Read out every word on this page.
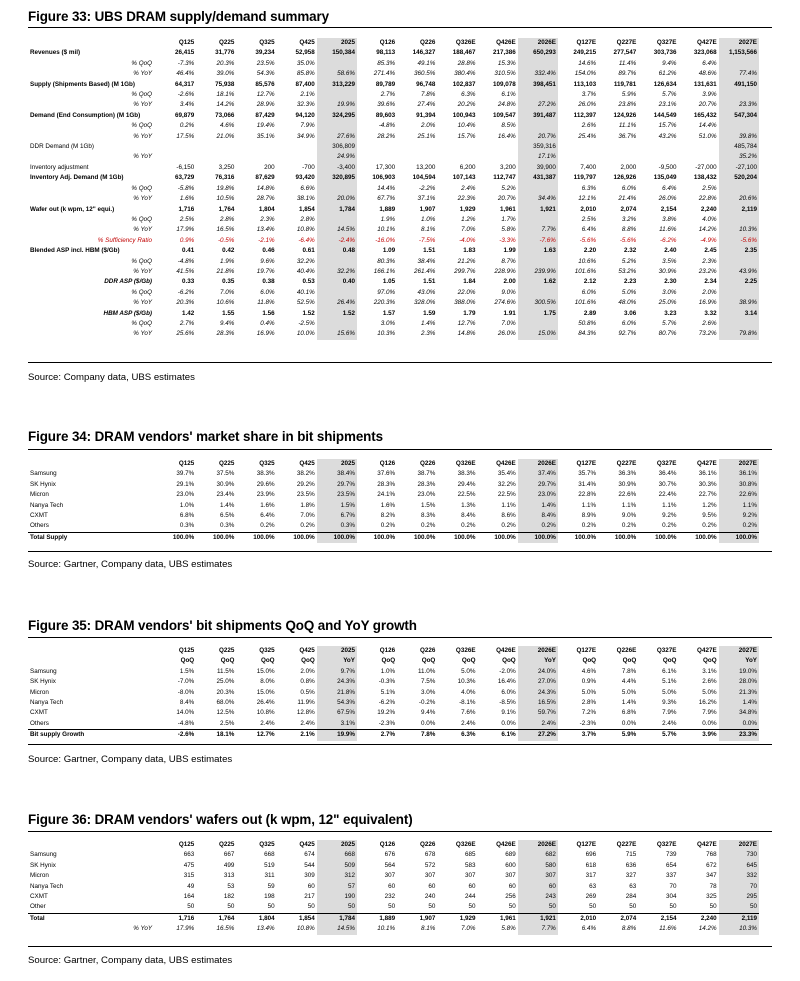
Figure 33: UBS DRAM supply/demand summary
	Q125	Q225	Q325	Q425	2025	Q126	Q226	Q326E	Q426E	2026E	Q127E	Q227E	Q327E	Q427E	2027E
Revenues ($ mil)	26,415	31,776	39,234	52,958	150,384	98,113	146,327	188,467	217,386	650,293	249,215	277,547	303,736	323,068	1,153,566
% QoQ	-7.3%	20.3%	23.5%	35.0%		85.3%	49.1%	28.8%	15.3%		14.6%	11.4%	9.4%	6.4%	
% YoY	46.4%	39.0%	54.3%	85.8%	58.6%	271.4%	360.5%	380.4%	310.5%	332.4%	154.0%	89.7%	61.2%	48.6%	77.4%
Supply (Shipments Based) (M 1Gb)	64,317	75,938	85,576	87,400	313,229	89,789	96,748	102,837	109,078	398,451	113,103	119,781	126,634	131,631	491,150
% QoQ	-2.6%	18.1%	12.7%	2.1%		2.7%	7.8%	6.3%	6.1%		3.7%	5.9%	5.7%	3.9%	
% YoY	3.4%	14.2%	28.9%	32.3%	19.9%	39.6%	27.4%	20.2%	24.8%	27.2%	26.0%	23.8%	23.1%	20.7%	23.3%
Demand (End Consumption) (M 1Gb)	69,879	73,066	87,429	94,120	324,295	89,603	91,394	100,943	109,547	391,487	112,397	124,926	144,549	165,432	547,304
% QoQ	0.2%	4.6%	19.4%	7.9%		-4.8%	2.0%	10.4%	8.5%		2.6%	11.1%	15.7%	14.4%	
% YoY	17.5%	21.0%	35.1%	34.9%	27.6%	28.2%	25.1%	15.7%	16.4%	20.7%	25.4%	36.7%	43.2%	51.0%	39.8%
DDR Demand (M 1Gb)					306,809					359,316					485,784
% YoY					24.9%					17.1%					35.2%
Inventory adjustment	-6,150	3,250	200	-700	-3,400	17,300	13,200	6,200	3,200	39,900	7,400	2,000	-9,500	-27,000	-27,100
Inventory Adj. Demand (M 1Gb)	63,729	76,316	87,629	93,420	320,895	106,903	104,594	107,143	112,747	431,387	119,797	126,926	135,049	138,432	520,204
% QoQ	-5.8%	19.8%	14.8%	6.6%		14.4%	-2.2%	2.4%	5.2%		6.3%	6.0%	6.4%	2.5%	
% YoY	1.6%	10.5%	28.7%	38.1%	20.0%	67.7%	37.1%	22.3%	20.7%	34.4%	12.1%	21.4%	26.0%	22.8%	20.6%
Wafer out (k wpm, 12" equi.)	1,716	1,764	1,804	1,854	1,784	1,889	1,907	1,929	1,961	1,921	2,010	2,074	2,154	2,240	2,119
% QoQ	2.5%	2.8%	2.3%	2.8%		1.9%	1.0%	1.2%	1.7%		2.5%	3.2%	3.8%	4.0%	
% YoY	17.9%	16.5%	13.4%	10.8%	14.5%	10.1%	8.1%	7.0%	5.8%	7.7%	6.4%	8.8%	11.6%	14.2%	10.3%
% Sufficiency Ratio	0.9%	-0.5%	-2.1%	-6.4%	-2.4%	-16.0%	-7.5%	-4.0%	-3.3%	-7.6%	-5.6%	-5.6%	-6.2%	-4.9%	-5.6%
Blended ASP incl. HBM ($/Gb)	0.41	0.42	0.46	0.61	0.48	1.09	1.51	1.83	1.99	1.63	2.20	2.32	2.40	2.45	2.35
% QoQ	-4.8%	1.9%	9.6%	32.2%		80.3%	38.4%	21.2%	8.7%		10.6%	5.2%	3.5%	2.3%	
% YoY	41.5%	21.8%	19.7%	40.4%	32.2%	166.1%	261.4%	299.7%	228.9%	239.9%	101.6%	53.2%	30.9%	23.2%	43.9%
DDR ASP ($/Gb)	0.33	0.35	0.38	0.53	0.40	1.05	1.51	1.84	2.00	1.62	2.12	2.23	2.30	2.34	2.25
% QoQ	-6.2%	7.0%	6.0%	40.1%		97.0%	43.0%	22.0%	9.0%		6.0%	5.0%	3.0%	2.0%	
% YoY	20.3%	10.6%	11.8%	52.5%	26.4%	220.3%	328.0%	388.0%	274.6%	300.5%	101.6%	48.0%	25.0%	16.9%	38.9%
HBM ASP ($/Gb)	1.42	1.55	1.56	1.52	1.52	1.57	1.59	1.79	1.91	1.75	2.89	3.06	3.23	3.32	3.14
% QoQ	2.7%	9.4%	0.4%	-2.5%		3.0%	1.4%	12.7%	7.0%		50.8%	6.0%	5.7%	2.6%	
% YoY	25.6%	28.3%	16.9%	10.0%	15.6%	10.3%	2.3%	14.8%	26.0%	15.0%	84.3%	92.7%	80.7%	73.2%	79.8%
Source: Company data, UBS estimates
Figure 34: DRAM vendors' market share in bit shipments
	Q125	Q225	Q325	Q425	2025	Q126	Q226	Q326E	Q426E	2026E	Q127E	Q227E	Q327E	Q427E	2027E
Samsung	39.7%	37.5%	38.3%	38.2%	38.4%	37.6%	38.7%	38.3%	35.4%	37.4%	35.7%	36.3%	36.4%	36.1%	36.1%
SK Hynix	29.1%	30.9%	29.6%	29.2%	29.7%	28.3%	28.3%	29.4%	32.2%	29.7%	31.4%	30.9%	30.7%	30.3%	30.8%
Micron	23.0%	23.4%	23.9%	23.5%	23.5%	24.1%	23.0%	22.5%	22.5%	23.0%	22.8%	22.6%	22.4%	22.7%	22.6%
Nanya Tech	1.0%	1.4%	1.6%	1.8%	1.5%	1.6%	1.5%	1.3%	1.1%	1.4%	1.1%	1.1%	1.1%	1.2%	1.1%
CXMT	6.8%	6.5%	6.4%	7.0%	6.7%	8.2%	8.3%	8.4%	8.6%	8.4%	8.9%	9.0%	9.2%	9.5%	9.2%
Others	0.3%	0.3%	0.2%	0.2%	0.3%	0.2%	0.2%	0.2%	0.2%	0.2%	0.2%	0.2%	0.2%	0.2%	0.2%
Total Supply	100.0%	100.0%	100.0%	100.0%	100.0%	100.0%	100.0%	100.0%	100.0%	100.0%	100.0%	100.0%	100.0%	100.0%	100.0%
Source: Gartner, Company data, UBS estimates
Figure 35: DRAM vendors' bit shipments QoQ and YoY growth
	Q125	Q225	Q325	Q425	2025	Q126	Q226	Q326E	Q426E	2026E	Q127E	Q226E	Q327E	Q427E	2027E
	QoQ	QoQ	QoQ	QoQ	YoY	QoQ	QoQ	QoQ	QoQ	YoY	QoQ	QoQ	QoQ	QoQ	YoY
Samsung	1.5%	11.5%	15.0%	2.0%	9.7%	1.0%	11.0%	5.0%	-2.0%	24.0%	4.6%	7.8%	6.1%	3.1%	19.0%
SK Hynix	-7.0%	25.0%	8.0%	0.8%	24.3%	-0.3%	7.5%	10.3%	16.4%	27.0%	0.9%	4.4%	5.1%	2.6%	28.0%
Micron	-8.0%	20.3%	15.0%	0.5%	21.8%	5.1%	3.0%	4.0%	6.0%	24.3%	5.0%	5.0%	5.0%	5.0%	21.3%
Nanya Tech	8.4%	68.0%	26.4%	11.9%	54.3%	-6.2%	-0.2%	-8.1%	-8.5%	16.5%	2.8%	1.4%	9.3%	16.2%	1.4%
CXMT	14.0%	12.5%	10.8%	12.8%	67.5%	19.2%	9.4%	7.6%	9.1%	59.7%	7.2%	6.8%	7.9%	7.9%	34.8%
Others	-4.8%	2.5%	2.4%	2.4%	3.1%	-2.3%	0.0%	2.4%	0.0%	2.4%	-2.3%	0.0%	2.4%	0.0%	0.0%
Bit supply Growth	-2.6%	18.1%	12.7%	2.1%	19.9%	2.7%	7.8%	6.3%	6.1%	27.2%	3.7%	5.9%	5.7%	3.9%	23.3%
Source: Gartner, Company data, UBS estimates
Figure 36: DRAM vendors' wafers out (k wpm, 12" equivalent)
	Q125	Q225	Q325	Q425	2025	Q126	Q226	Q326E	Q426E	2026E	Q127E	Q227E	Q327E	Q427E	2027E
Samsung	663	667	668	674	668	676	678	685	689	682	696	715	739	768	730
SK Hynix	475	499	519	544	509	564	572	583	600	580	618	636	654	672	645
Micron	315	313	311	309	312	307	307	307	307	307	317	327	337	347	332
Nanya Tech	49	53	59	60	57	60	60	60	60	60	63	63	70	78	70
CXMT	164	182	198	217	190	232	240	244	256	243	269	284	304	325	295
Other	50	50	50	50	50	50	50	50	50	50	50	50	50	50	50
Total	1,716	1,764	1,804	1,854	1,784	1,889	1,907	1,929	1,961	1,921	2,010	2,074	2,154	2,240	2,119
% YoY	17.9%	16.5%	13.4%	10.8%	14.5%	10.1%	8.1%	7.0%	5.8%	7.7%	6.4%	8.8%	11.6%	14.2%	10.3%
Source: Gartner, Company data, UBS estimates
